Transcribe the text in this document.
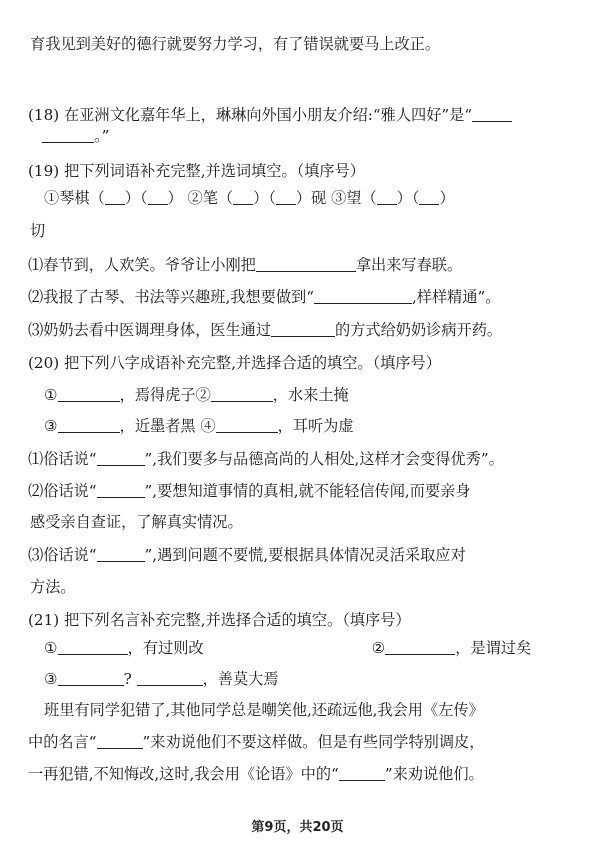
育我见到美好的德行就要努力学习，有了错误就要马上改正。
(18) 在亚洲文化嘉年华上，琳琳向外国小朋友介绍:“雅人四好”是“
。”
(19) 把下列词语补充完整,并选词填空。（填序号）
①琴棋（ ）（ ） ②笔（ ）（ ）砚 ③望（ ）（ ）
切
⑴春节到，人欢笑。爷爷让小刚把	拿出来写春联。
⑵我报了古琴、书法等兴趣班,我想要做到“	,样样精通”。
⑶奶奶去看中医调理身体，医生通过	的方式给奶奶诊病开药。
(20) 把下列八字成语补充完整,并选择合适的填空。（填序号）
①	，焉得虎子②	，水来土掩
③	，近墨者黑 ④	，耳听为虚
⑴俗话说“	”,我们要多与品德高尚的人相处,这样才会变得优秀”。
⑵俗话说“	”,要想知道事情的真相,就不能轻信传闻,而要亲身
感受亲自查证，了解真实情况。
⑶俗话说“	”,遇到问题不要慌,要根据具体情况灵活采取应对
方法。
(21) 把下列名言补充完整,并选择合适的填空。（填序号）
①	，有过则改	②	，是谓过矣
③	?	，善莫大焉
班里有同学犯错了,其他同学总是嘲笑他,还疏远他,我会用《左传》
中的名言“	”来劝说他们不要这样做。但是有些同学特别调皮，
一再犯错,不知悔改,这时,我会用《论语》中的“	”来劝说他们。
第9页，共20页
